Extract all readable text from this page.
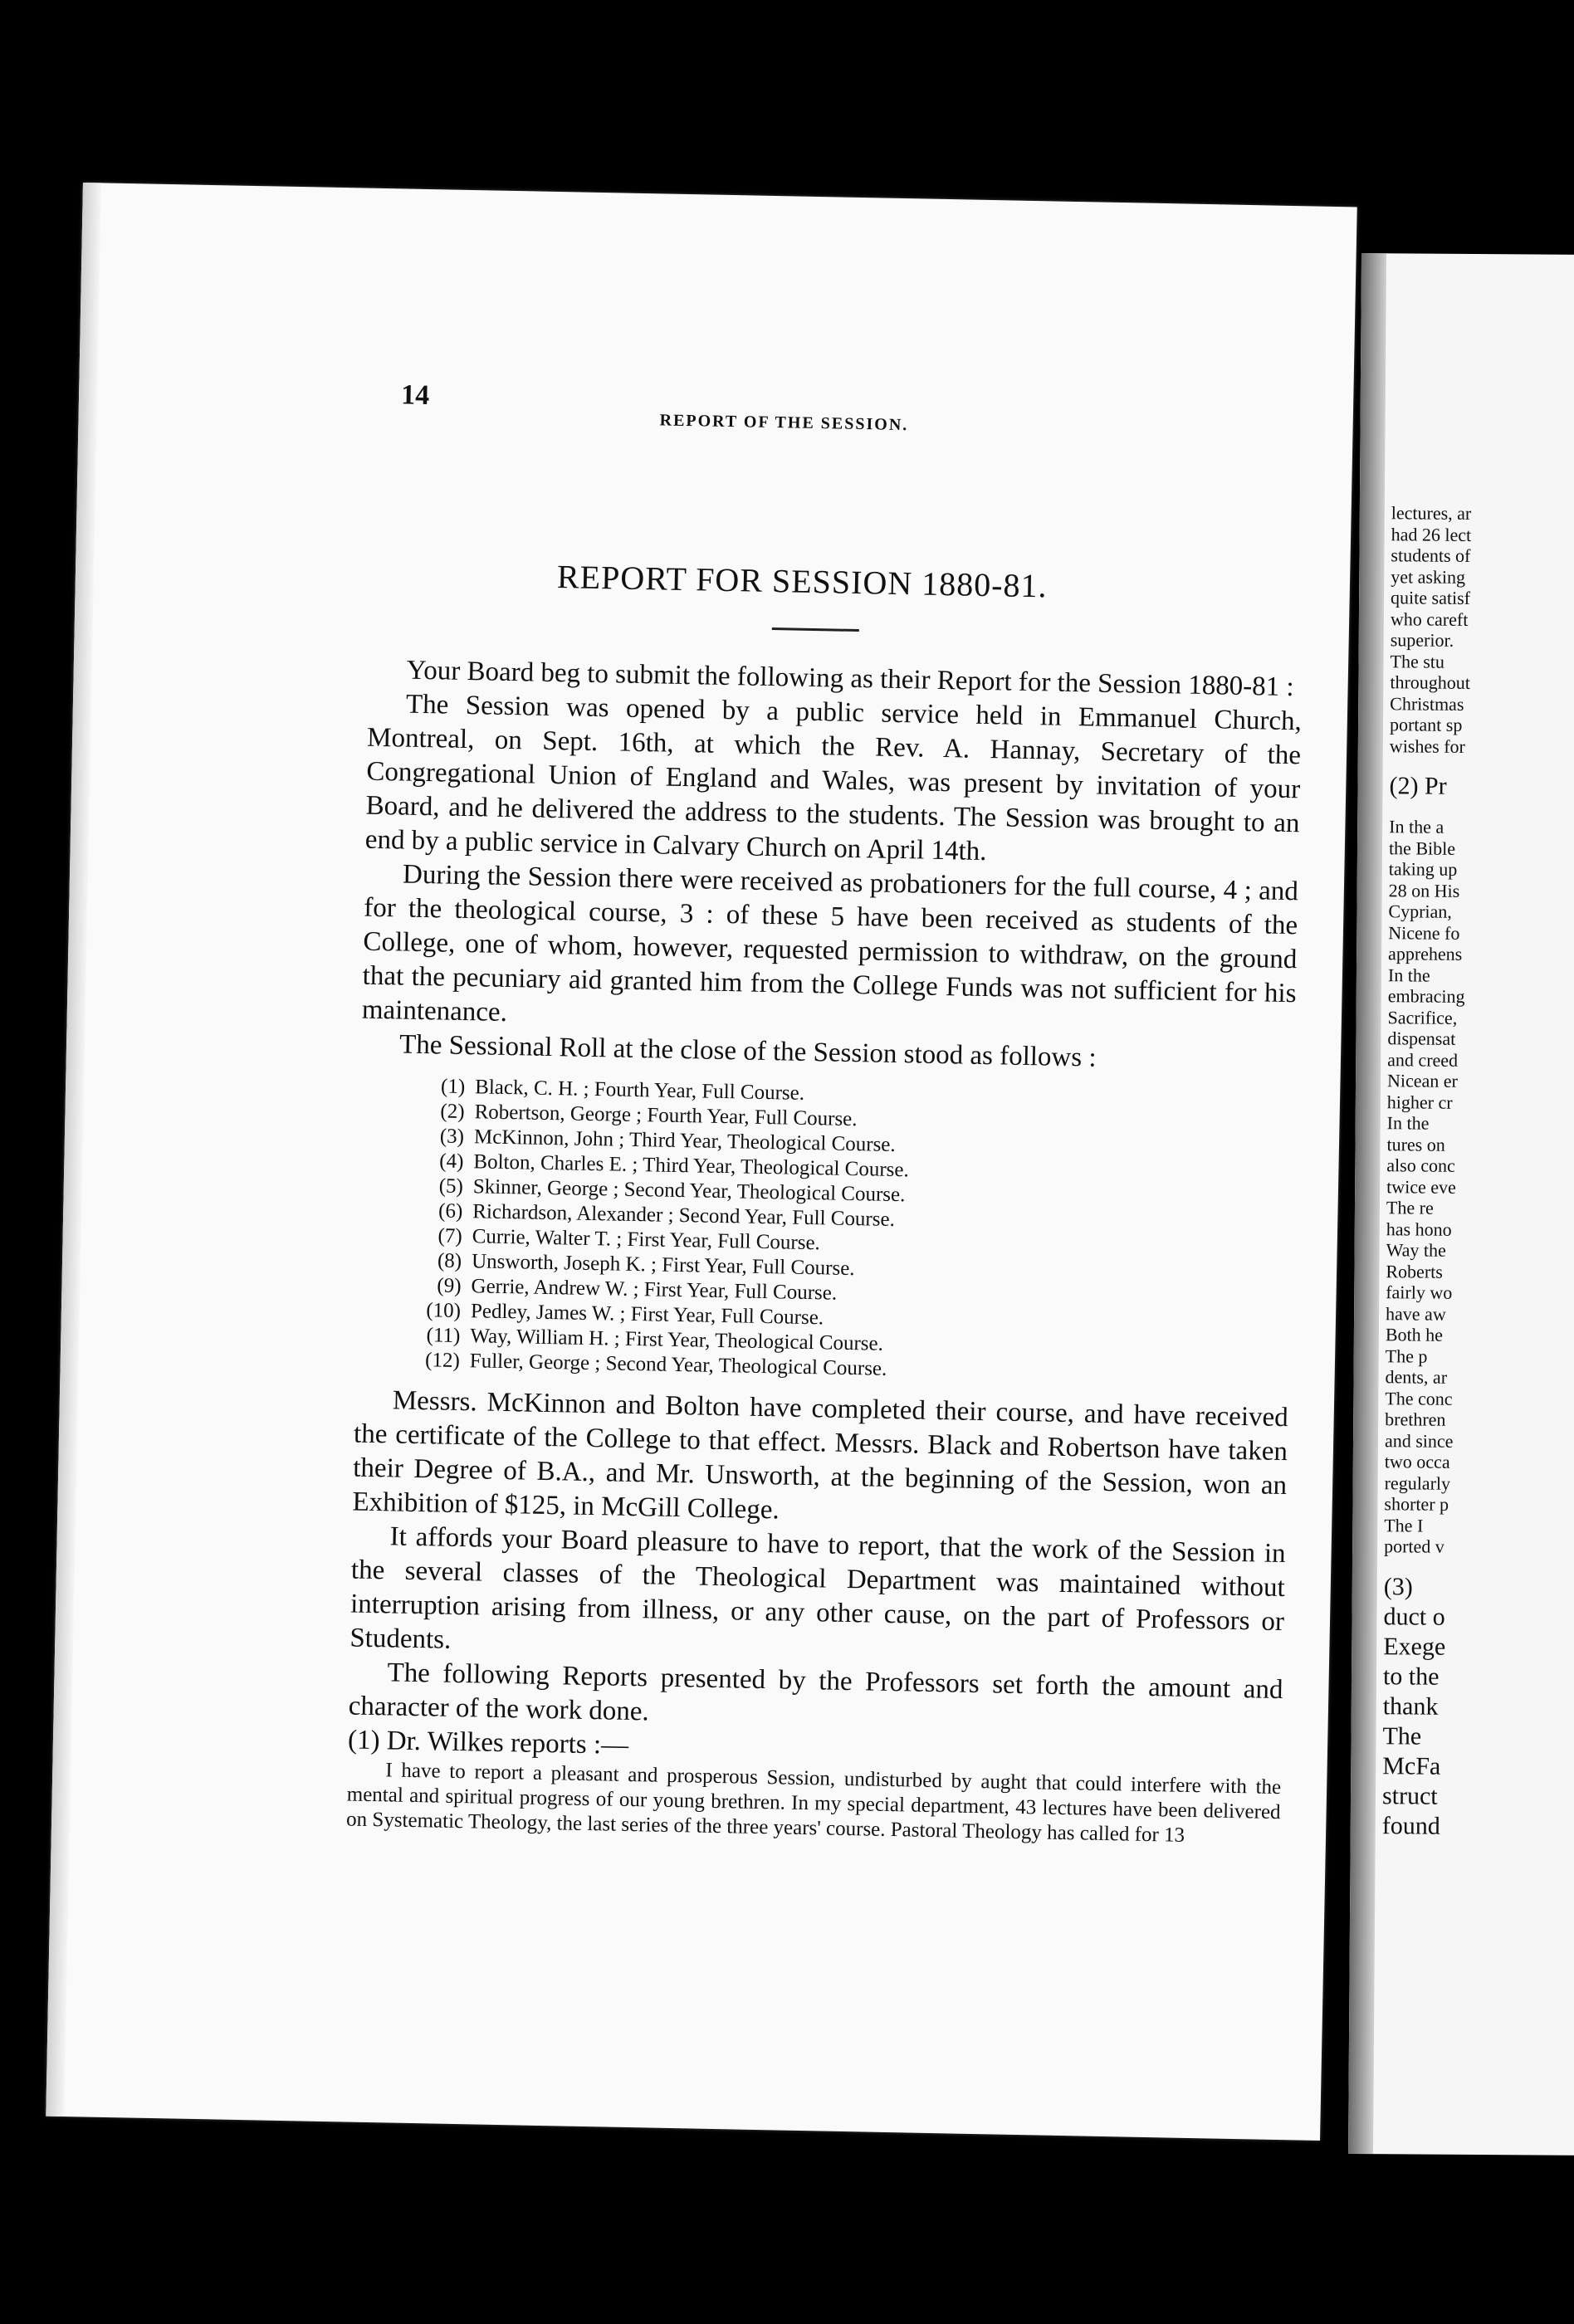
lectures, ar
had 26 lect
students of
yet asking
quite satisf
who careft
superior.
The stu
throughout
Christmas
portant sp
wishes for
(2) Pr
In the a
the Bible
taking up
28 on His
Cyprian,
Nicene fo
apprehens
In the
embracing
Sacrifice,
dispensat
and creed
Nicean er
higher cr
In the
tures on
also conc
twice eve
The re
has hono
Way the
Roberts
fairly wo
have aw
Both he
The p
dents, ar
The conc
brethren
and since
two occa
regularly
shorter p
The I
ported v
(3)
duct o
Exege
to the
thank
The
McFa
struct
found
14
REPORT OF THE SESSION.
REPORT FOR SESSION 1880-81.

Your Board beg to submit the following as their Report for the Session 1880-81 :

The Session was opened by a public service held in Emmanuel Church, Montreal, on Sept. 16th, at which the Rev. A. Hannay, Secretary of the Congregational Union of England and Wales, was present by invitation of your Board, and he delivered the address to the students. The Session was brought to an end by a public service in Calvary Church on April 14th.

During the Session there were received as probationers for the full course, 4 ; and for the theological course, 3 : of these 5 have been received as students of the College, one of whom, however, requested permission to withdraw, on the ground that the pecuniary aid granted him from the College Funds was not sufficient for his maintenance.

The Sessional Roll at the close of the Session stood as follows :

(1) Black, C. H. ; Fourth Year, Full Course.
(2) Robertson, George ; Fourth Year, Full Course.
(3) McKinnon, John ; Third Year, Theological Course.
(4) Bolton, Charles E. ; Third Year, Theological Course.
(5) Skinner, George ; Second Year, Theological Course.
(6) Richardson, Alexander ; Second Year, Full Course.
(7) Currie, Walter T. ; First Year, Full Course.
(8) Unsworth, Joseph K. ; First Year, Full Course.
(9) Gerrie, Andrew W. ; First Year, Full Course.
(10) Pedley, James W. ; First Year, Full Course.
(11) Way, William H. ; First Year, Theological Course.
(12) Fuller, George ; Second Year, Theological Course.

Messrs. McKinnon and Bolton have completed their course, and have received the certificate of the College to that effect. Messrs. Black and Robertson have taken their Degree of B.A., and Mr. Unsworth, at the beginning of the Session, won an Exhibition of $125, in McGill College.

It affords your Board pleasure to have to report, that the work of the Session in the several classes of the Theological Department was maintained without interruption arising from illness, or any other cause, on the part of Professors or Students.

The following Reports presented by the Professors set forth the amount and character of the work done.

(1) Dr. Wilkes reports :—

I have to report a pleasant and prosperous Session, undisturbed by aught that could interfere with the mental and spiritual progress of our young brethren. In my special department, 43 lectures have been delivered on Systematic Theology, the last series of the three years' course. Pastoral Theology has called for 13
